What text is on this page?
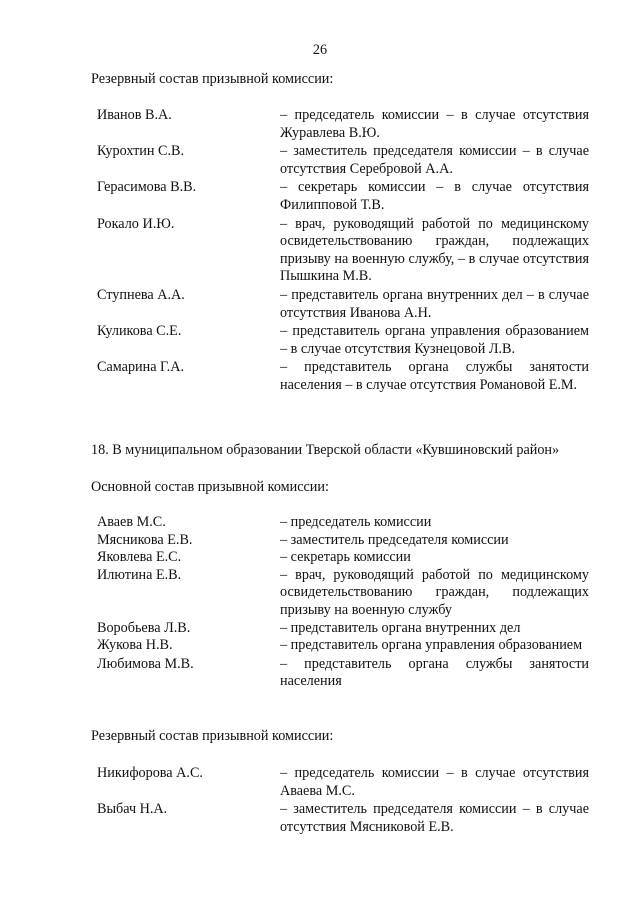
26
Резервный состав призывной комиссии:
Иванов В.А.	– председатель комиссии – в случае отсутствия Журавлева В.Ю.
Курохтин С.В.	– заместитель председателя комиссии – в случае отсутствия Серебровой А.А.
Герасимова В.В.	– секретарь комиссии – в случае отсутствия Филипповой Т.В.
Рокало И.Ю.	– врач, руководящий работой по медицинскому освидетельствованию граждан, подлежащих призыву на военную службу, – в случае отсутствия Пышкина М.В.
Ступнева А.А.	– представитель органа внутренних дел – в случае отсутствия Иванова А.Н.
Куликова С.Е.	– представитель органа управления образованием – в случае отсутствия Кузнецовой Л.В.
Самарина Г.А.	– представитель органа службы занятости населения – в случае отсутствия Романовой Е.М.
18. В муниципальном образовании Тверской области «Кувшиновский район»
Основной состав призывной комиссии:
Аваев М.С.	– председатель комиссии
Мясникова Е.В.	– заместитель председателя комиссии
Яковлева Е.С.	– секретарь комиссии
Илютина Е.В.	– врач, руководящий работой по медицинскому освидетельствованию граждан, подлежащих призыву на военную службу
Воробьева Л.В.	– представитель органа внутренних дел
Жукова Н.В.	– представитель органа управления образованием
Любимова М.В.	– представитель органа службы занятости населения
Резервный состав призывной комиссии:
Никифорова А.С.	– председатель комиссии – в случае отсутствия Аваева М.С.
Выбач Н.А.	– заместитель председателя комиссии – в случае отсутствия Мясниковой Е.В.
